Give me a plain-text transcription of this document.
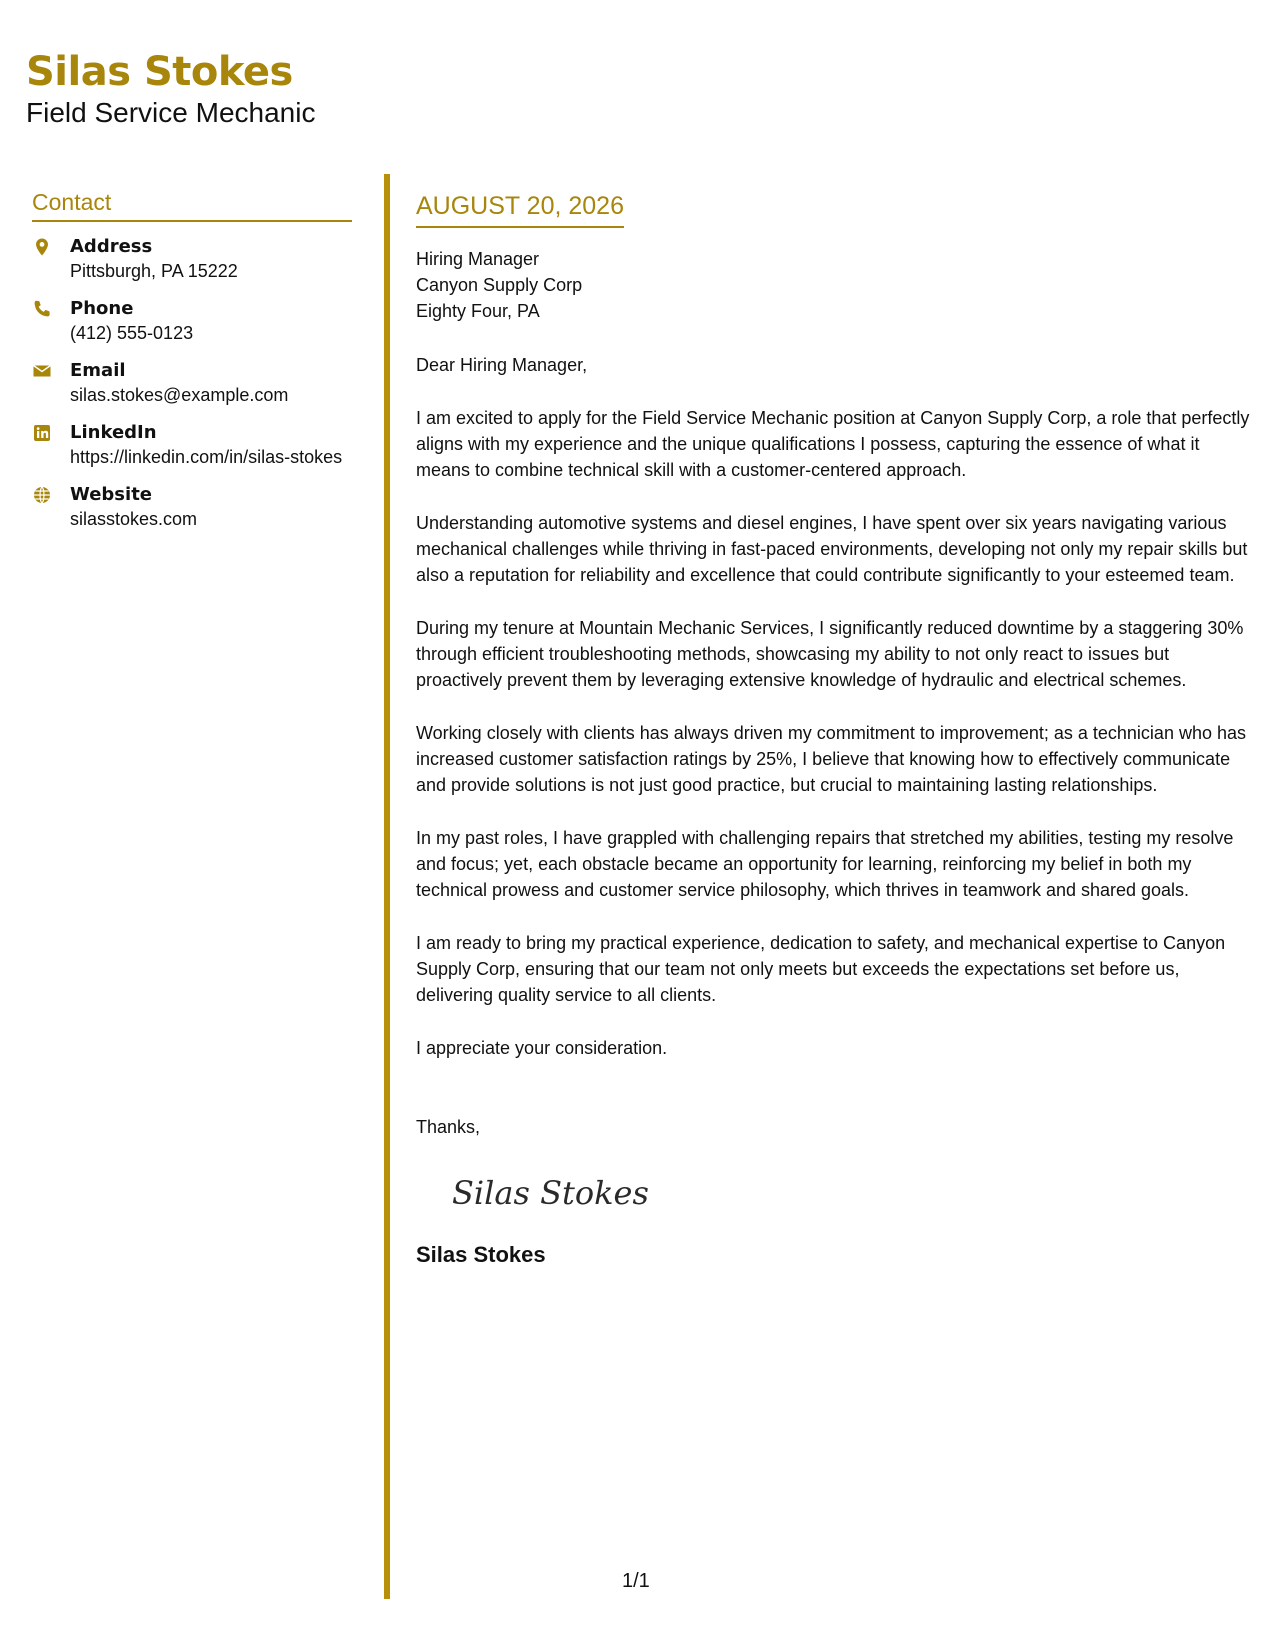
Silas Stokes
Field Service Mechanic
Contact
Address
Pittsburgh, PA 15222
Phone
(412) 555-0123
Email
silas.stokes@example.com
LinkedIn
https://linkedin.com/in/silas-stokes
Website
silasstokes.com
AUGUST 20, 2026
Hiring Manager
Canyon Supply Corp
Eighty Four, PA
Dear Hiring Manager,
I am excited to apply for the Field Service Mechanic position at Canyon Supply Corp, a role that perfectly aligns with my experience and the unique qualifications I possess, capturing the essence of what it means to combine technical skill with a customer-centered approach.
Understanding automotive systems and diesel engines, I have spent over six years navigating various mechanical challenges while thriving in fast-paced environments, developing not only my repair skills but also a reputation for reliability and excellence that could contribute significantly to your esteemed team.
During my tenure at Mountain Mechanic Services, I significantly reduced downtime by a staggering 30% through efficient troubleshooting methods, showcasing my ability to not only react to issues but proactively prevent them by leveraging extensive knowledge of hydraulic and electrical schemes.
Working closely with clients has always driven my commitment to improvement; as a technician who has increased customer satisfaction ratings by 25%, I believe that knowing how to effectively communicate and provide solutions is not just good practice, but crucial to maintaining lasting relationships.
In my past roles, I have grappled with challenging repairs that stretched my abilities, testing my resolve and focus; yet, each obstacle became an opportunity for learning, reinforcing my belief in both my technical prowess and customer service philosophy, which thrives in teamwork and shared goals.
I am ready to bring my practical experience, dedication to safety, and mechanical expertise to Canyon Supply Corp, ensuring that our team not only meets but exceeds the expectations set before us, delivering quality service to all clients.
I appreciate your consideration.
Thanks,
Silas Stokes
Silas Stokes
1/1
